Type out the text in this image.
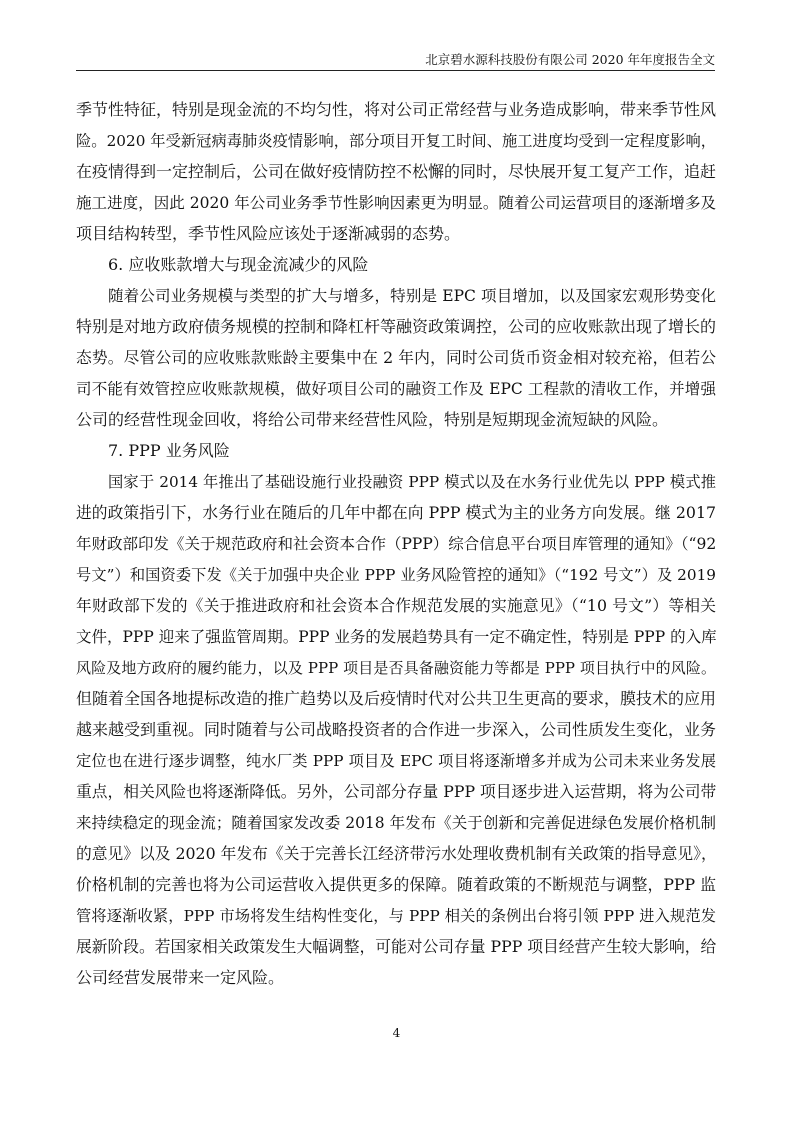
北京碧水源科技股份有限公司 2020 年年度报告全文
季节性特征，特别是现金流的不均匀性，将对公司正常经营与业务造成影响，带来季节性风
险。2020 年受新冠病毒肺炎疫情影响，部分项目开复工时间、施工进度均受到一定程度影响，
在疫情得到一定控制后，公司在做好疫情防控不松懈的同时，尽快展开复工复产工作，追赶
施工进度，因此 2020 年公司业务季节性影响因素更为明显。随着公司运营项目的逐渐增多及
项目结构转型，季节性风险应该处于逐渐减弱的态势。
6. 应收账款增大与现金流减少的风险
随着公司业务规模与类型的扩大与增多，特别是 EPC 项目增加，以及国家宏观形势变化
特别是对地方政府债务规模的控制和降杠杆等融资政策调控，公司的应收账款出现了增长的
态势。尽管公司的应收账款账龄主要集中在 2 年内，同时公司货币资金相对较充裕，但若公
司不能有效管控应收账款规模，做好项目公司的融资工作及 EPC 工程款的清收工作，并增强
公司的经营性现金回收，将给公司带来经营性风险，特别是短期现金流短缺的风险。
7. PPP 业务风险
国家于 2014 年推出了基础设施行业投融资 PPP 模式以及在水务行业优先以 PPP 模式推
进的政策指引下，水务行业在随后的几年中都在向 PPP 模式为主的业务方向发展。继 2017
年财政部印发《关于规范政府和社会资本合作（PPP）综合信息平台项目库管理的通知》（“92
号文”）和国资委下发《关于加强中央企业 PPP 业务风险管控的通知》（“192 号文”）及 2019
年财政部下发的《关于推进政府和社会资本合作规范发展的实施意见》（“10 号文”）等相关
文件，PPP 迎来了强监管周期。PPP 业务的发展趋势具有一定不确定性，特别是 PPP 的入库
风险及地方政府的履约能力，以及 PPP 项目是否具备融资能力等都是 PPP 项目执行中的风险。
但随着全国各地提标改造的推广趋势以及后疫情时代对公共卫生更高的要求，膜技术的应用
越来越受到重视。同时随着与公司战略投资者的合作进一步深入，公司性质发生变化，业务
定位也在进行逐步调整，纯水厂类 PPP 项目及 EPC 项目将逐渐增多并成为公司未来业务发展
重点，相关风险也将逐渐降低。另外，公司部分存量 PPP 项目逐步进入运营期，将为公司带
来持续稳定的现金流；随着国家发改委 2018 年发布《关于创新和完善促进绿色发展价格机制
的意见》以及 2020 年发布《关于完善长江经济带污水处理收费机制有关政策的指导意见》，
价格机制的完善也将为公司运营收入提供更多的保障。随着政策的不断规范与调整，PPP 监
管将逐渐收紧，PPP 市场将发生结构性变化，与 PPP 相关的条例出台将引领 PPP 进入规范发
展新阶段。若国家相关政策发生大幅调整，可能对公司存量 PPP 项目经营产生较大影响，给
公司经营发展带来一定风险。
4
